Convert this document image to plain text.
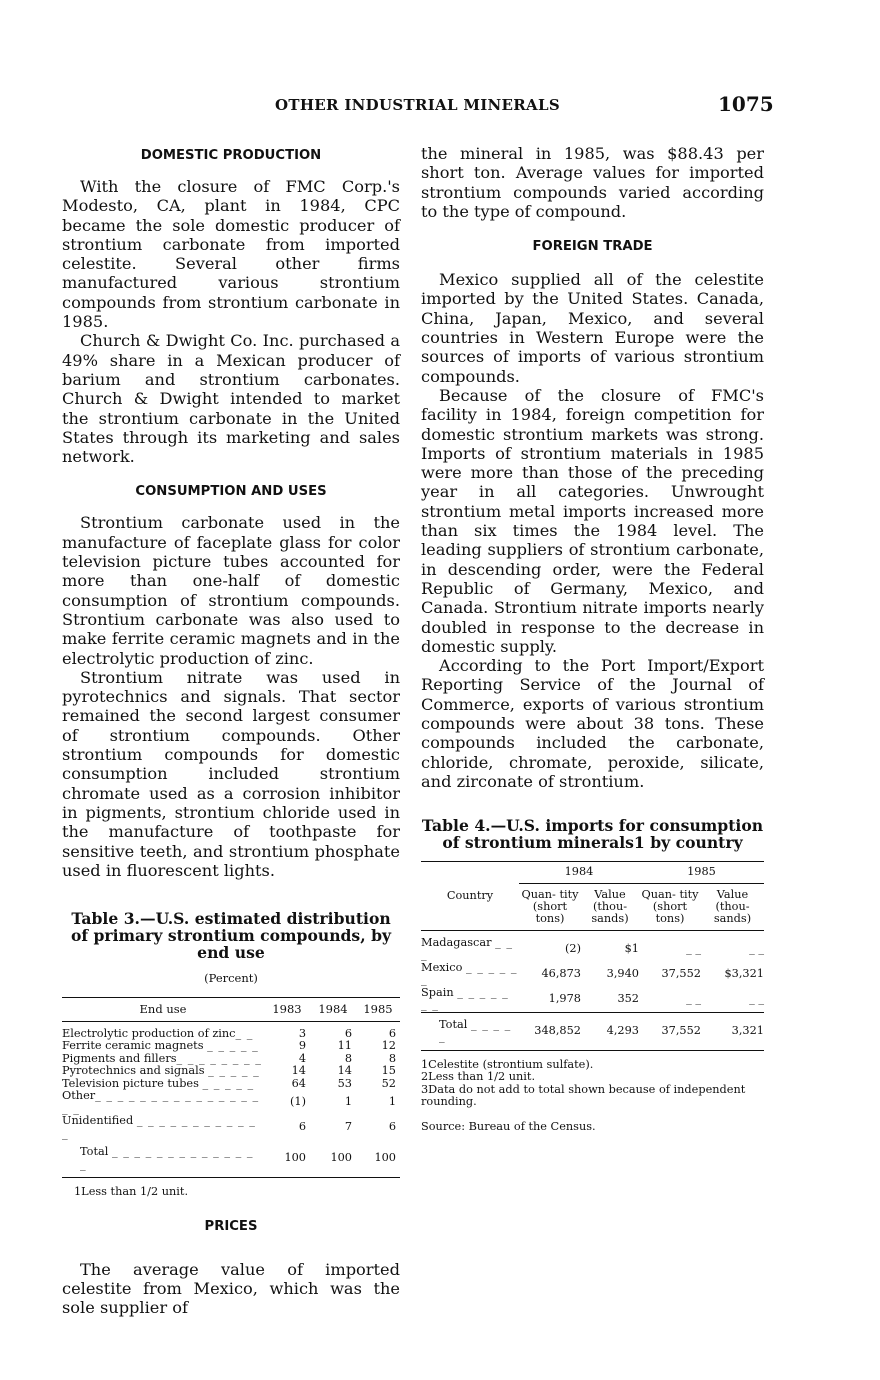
OTHER INDUSTRIAL MINERALS	1075
DOMESTIC PRODUCTION

With the closure of FMC Corp.'s Modesto, CA, plant in 1984, CPC became the sole domestic producer of strontium carbonate from imported celestite. Several other firms manufactured various strontium compounds from strontium carbonate in 1985.

Church & Dwight Co. Inc. purchased a 49% share in a Mexican producer of barium and strontium carbonates. Church & Dwight intended to market the strontium carbonate in the United States through its marketing and sales network.

CONSUMPTION AND USES

Strontium carbonate used in the manufacture of faceplate glass for color television picture tubes accounted for more than one-half of domestic consumption of strontium compounds. Strontium carbonate was also used to make ferrite ceramic magnets and in the electrolytic production of zinc.

Strontium nitrate was used in pyrotechnics and signals. That sector remained the second largest consumer of strontium compounds. Other strontium compounds for domestic consumption included strontium chromate used as a corrosion inhibitor in pigments, strontium chloride used in the manufacture of toothpaste for sensitive teeth, and strontium phosphate used in fluorescent lights.

Table 3.—U.S. estimated distribution of primary strontium compounds, by end use
(Percent)
End use	1983	1984	1985
Electrolytic production of zinc_ _	3	6	6
Ferrite ceramic magnets _ _ _ _ _	9	11	12
Pigments and fillers_ _ _ _ _ _ _ _	4	8	8
Pyrotechnics and signals _ _ _ _ _	14	14	15
Television picture tubes _ _ _ _ _	64	53	52
Other_ _ _ _ _ _ _ _ _ _ _ _ _ _ _ _ _	(1)	1	1
Unidentified _ _ _ _ _ _ _ _ _ _ _ _	6	7	6
Total _ _ _ _ _ _ _ _ _ _ _ _ _ _	100	100	100
1Less than 1/2 unit.
PRICES

The average value of imported celestite from Mexico, which was the sole supplier of

the mineral in 1985, was $88.43 per short ton. Average values for imported strontium compounds varied according to the type of compound.

FOREIGN TRADE

Mexico supplied all of the celestite imported by the United States. Canada, China, Japan, Mexico, and several countries in Western Europe were the sources of imports of various strontium compounds.

Because of the closure of FMC's facility in 1984, foreign competition for domestic strontium markets was strong. Imports of strontium materials in 1985 were more than those of the preceding year in all categories. Unwrought strontium metal imports increased more than six times the 1984 level. The leading suppliers of strontium carbonate, in descending order, were the Federal Republic of Germany, Mexico, and Canada. Strontium nitrate imports nearly doubled in response to the decrease in domestic supply.

According to the Port Import/Export Reporting Service of the Journal of Commerce, exports of various strontium compounds were about 38 tons. These compounds included the carbonate, chloride, chromate, peroxide, silicate, and zirconate of strontium.

Table 4.—U.S. imports for consumption of strontium minerals1 by country
Country	1984		1985	
	Quan- tity (short tons)	Value (thou- sands)	Quan- tity (short tons)	Value (thou- sands)
Madagascar _ _ _	(2)	$1	_ _	_ _
Mexico _ _ _ _ _ _	46,873	3,940	37,552	$3,321
Spain _ _ _ _ _ _ _	1,978	352	_ _	_ _
Total _ _ _ _ _	348,852	4,293	37,552	3,321
1Celestite (strontium sulfate).
2Less than 1/2 unit.
3Data do not add to total shown because of independent rounding.
Source: Bureau of the Census.
